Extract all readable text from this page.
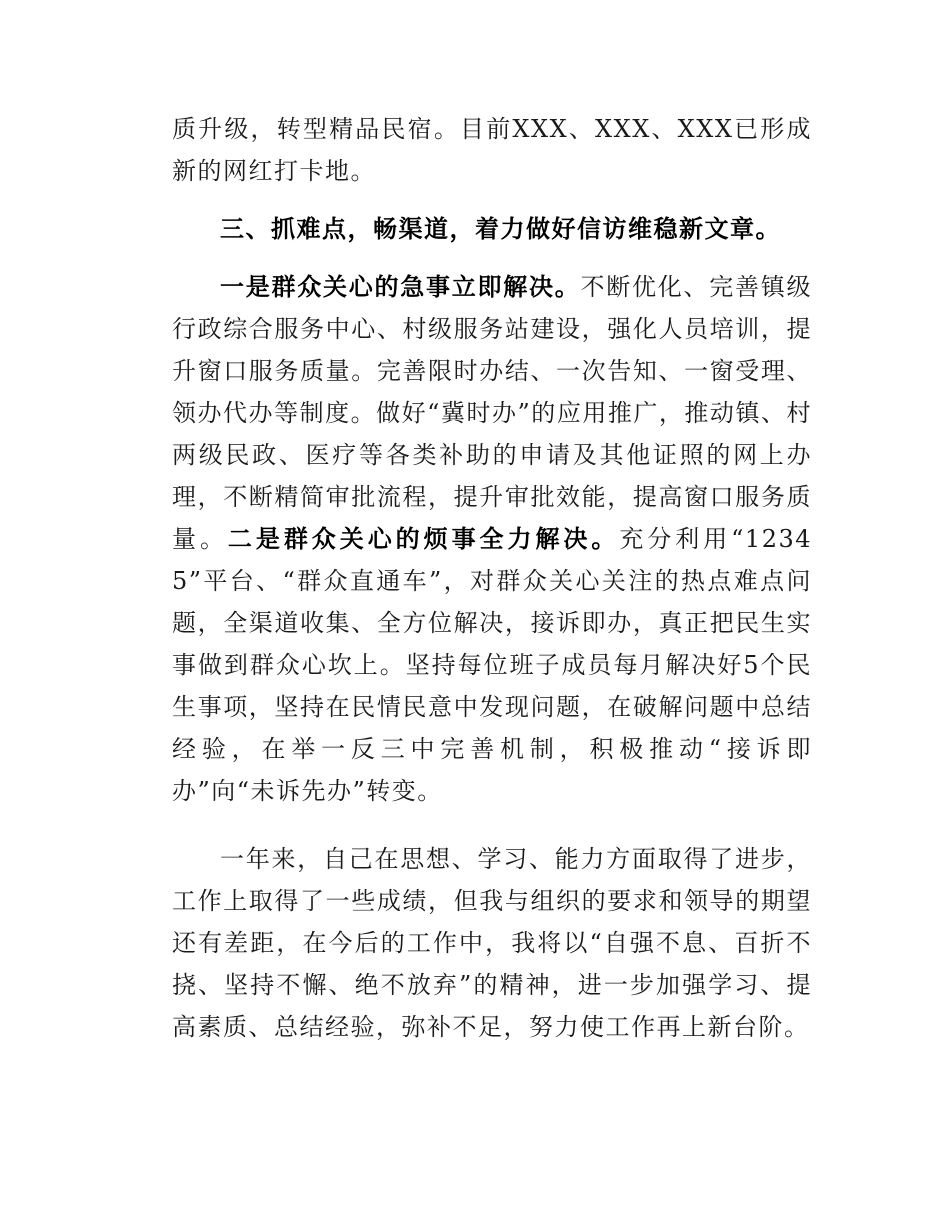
质升级，转型精品民宿。目前XXX、XXX、XXX已形成新的网红打卡地。

三、抓难点，畅渠道，着力做好信访维稳新文章。

一是群众关心的急事立即解决。不断优化、完善镇级行政综合服务中心、村级服务站建设，强化人员培训，提升窗口服务质量。完善限时办结、一次告知、一窗受理、领办代办等制度。做好“冀时办”的应用推广，推动镇、村两级民政、医疗等各类补助的申请及其他证照的网上办理，不断精简审批流程，提升审批效能，提高窗口服务质量。二是群众关心的烦事全力解决。充分利用“12345”平台、“群众直通车”，对群众关心关注的热点难点问题，全渠道收集、全方位解决，接诉即办，真正把民生实事做到群众心坎上。坚持每位班子成员每月解决好5个民生事项，坚持在民情民意中发现问题，在破解问题中总结经验，在举一反三中完善机制，积极推动“接诉即办”向“未诉先办”转变。

一年来，自己在思想、学习、能力方面取得了进步，工作上取得了一些成绩，但我与组织的要求和领导的期望还有差距，在今后的工作中，我将以“自强不息、百折不挠、坚持不懈、绝不放弃”的精神，进一步加强学习、提高素质、总结经验，弥补不足，努力使工作再上新台阶。
